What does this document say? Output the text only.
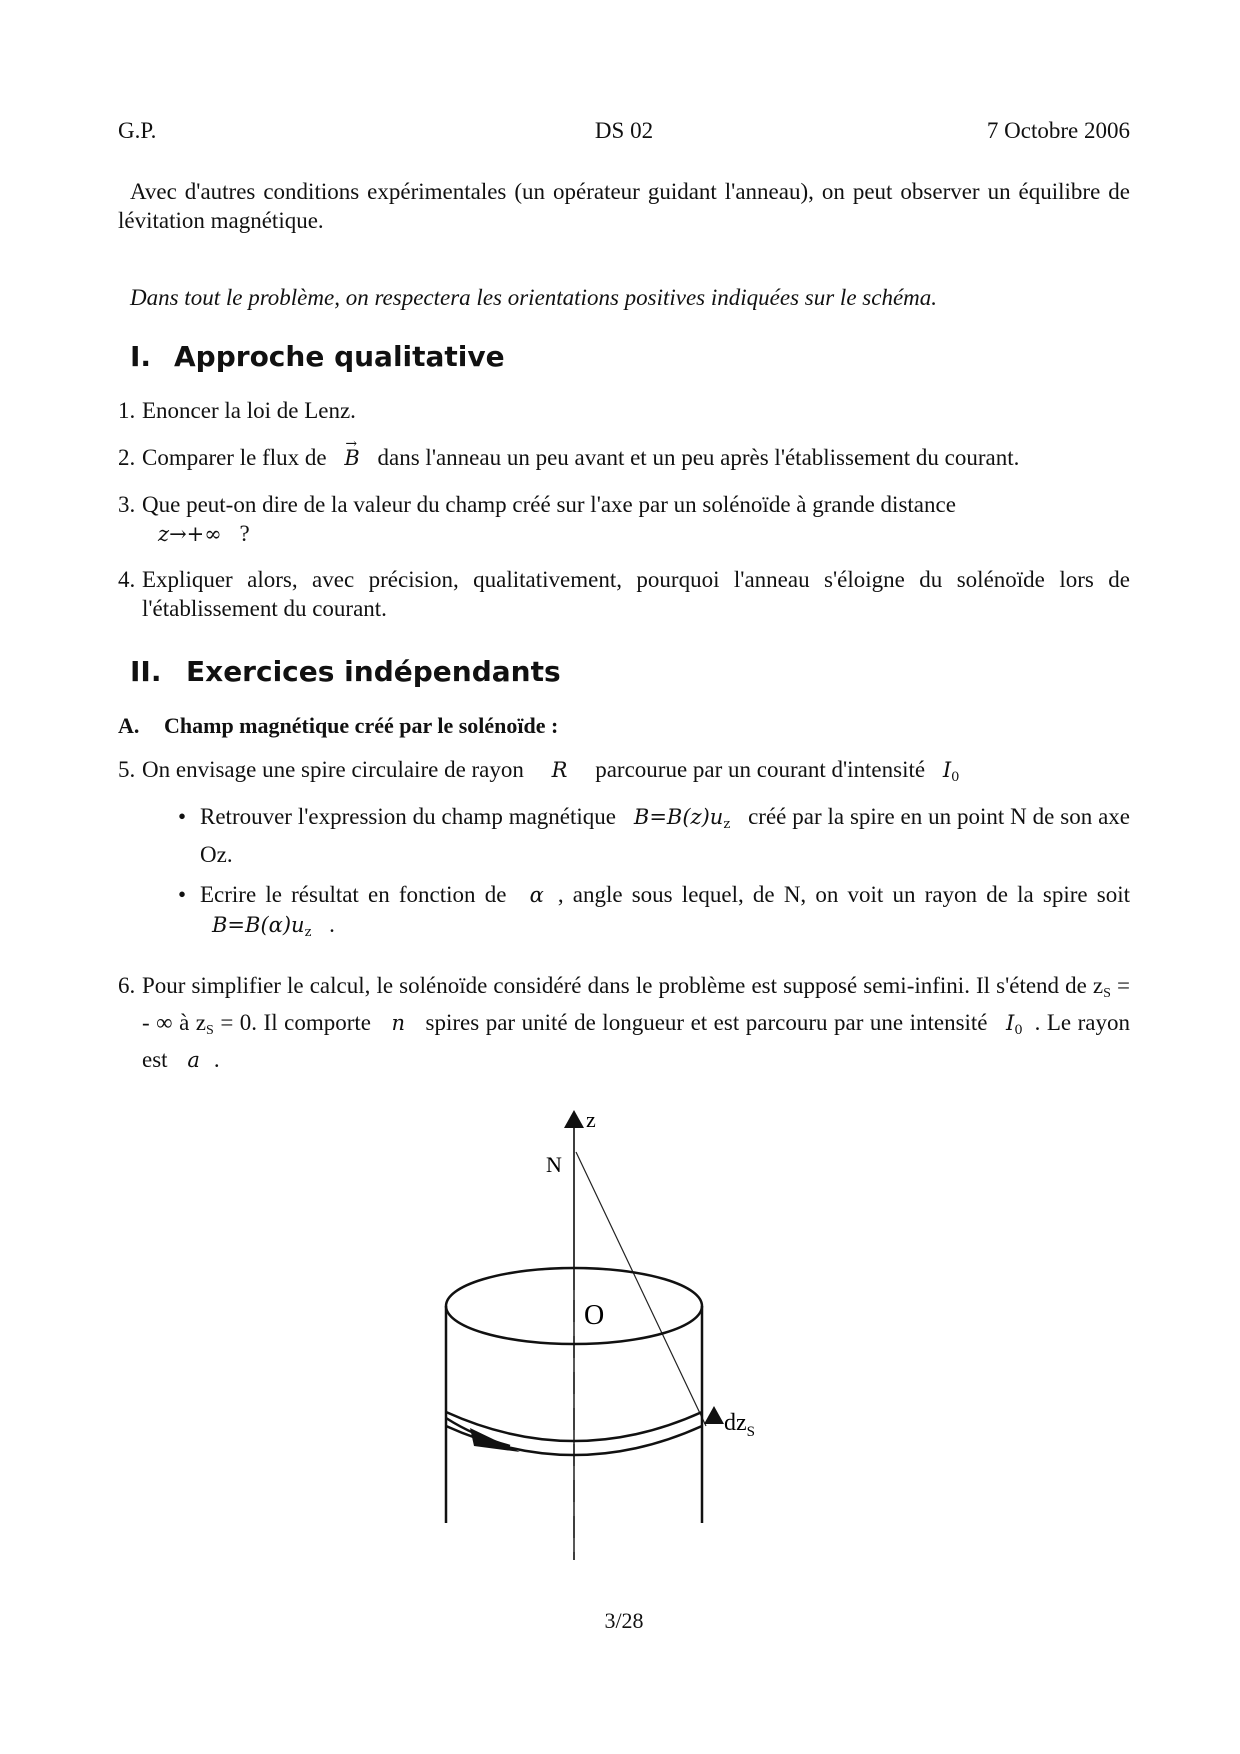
G.P.	DS 02	7 Octobre 2006
Avec d'autres conditions expérimentales (un opérateur guidant l'anneau), on peut observer un équilibre de lévitation magnétique.
Dans tout le problème, on respectera les orientations positives indiquées sur le schéma.
I. Approche qualitative
1. Enoncer la loi de Lenz.
2. Comparer le flux de → B dans l'anneau un peu avant et un peu après l'établissement du courant.
3. Que peut-on dire de la valeur du champ créé sur l'axe par un solénoïde à grande distance
z→+∞ ?
4. Expliquer alors, avec précision, qualitativement, pourquoi l'anneau s'éloigne du solénoïde lors de l'établissement du courant.
II. Exercices indépendants
A. Champ magnétique créé par le solénoïde :
5. On envisage une spire circulaire de rayon R parcourue par un courant d'intensité $I_0$
• Retrouver l'expression du champ magnétique $B=B(z)u_z$ créé par la spire en un point N de son axe Oz.
• Ecrire le résultat en fonction de α , angle sous lequel, de N, on voit un rayon de la spire soit $B=B(\alpha)u_z$ .
6. Pour simplifier le calcul, le solénoïde considéré dans le problème est supposé semi-infini. Il s'étend de $z_S$ = - ∞ à $z_S = 0$. Il comporte n spires par unité de longueur et est parcouru par une intensité $I_0$ . Le rayon est a .
3/28
z
N
O
$dz_S$
